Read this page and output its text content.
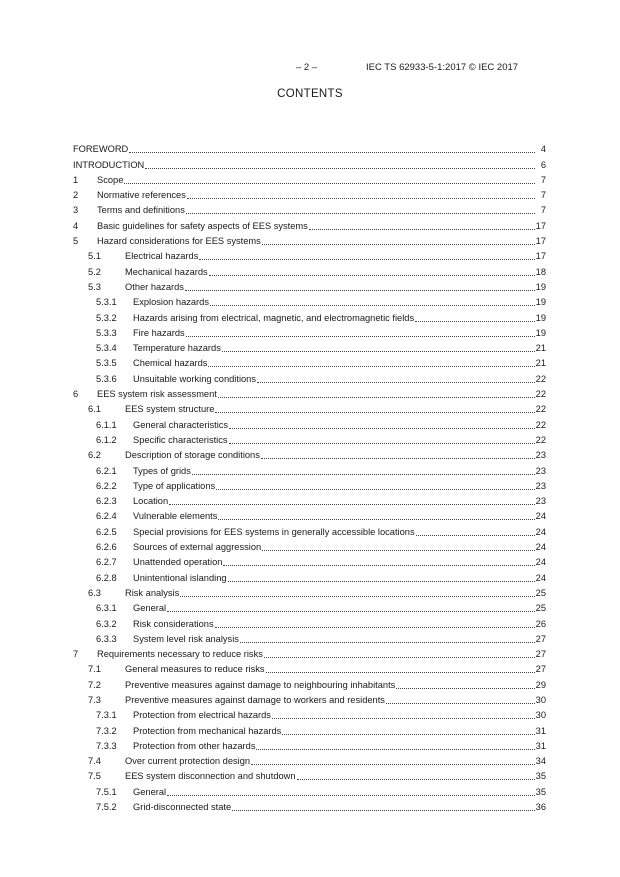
– 2 –	IEC TS 62933-5-1:2017 © IEC 2017
CONTENTS
FOREWORD	4
INTRODUCTION	6
1	Scope	7
2	Normative references	7
3	Terms and definitions	7
4	Basic guidelines for safety aspects of EES systems	17
5	Hazard considerations for EES systems	17
5.1	Electrical hazards	17
5.2	Mechanical hazards	18
5.3	Other hazards	19
5.3.1	Explosion hazards	19
5.3.2	Hazards arising from electrical, magnetic, and electromagnetic fields	19
5.3.3	Fire hazards	19
5.3.4	Temperature hazards	21
5.3.5	Chemical hazards	21
5.3.6	Unsuitable working conditions	22
6	EES system risk assessment	22
6.1	EES system structure	22
6.1.1	General characteristics	22
6.1.2	Specific characteristics	22
6.2	Description of storage conditions	23
6.2.1	Types of grids	23
6.2.2	Type of applications	23
6.2.3	Location	23
6.2.4	Vulnerable elements	24
6.2.5	Special provisions for EES systems in generally accessible locations	24
6.2.6	Sources of external aggression	24
6.2.7	Unattended operation	24
6.2.8	Unintentional islanding	24
6.3	Risk analysis	25
6.3.1	General	25
6.3.2	Risk considerations	26
6.3.3	System level risk analysis	27
7	Requirements necessary to reduce risks	27
7.1	General measures to reduce risks	27
7.2	Preventive measures against damage to neighbouring inhabitants	29
7.3	Preventive measures against damage to workers and residents	30
7.3.1	Protection from electrical hazards	30
7.3.2	Protection from mechanical hazards	31
7.3.3	Protection from other hazards	31
7.4	Over current protection design	34
7.5	EES system disconnection and shutdown	35
7.5.1	General	35
7.5.2	Grid-disconnected state	36
